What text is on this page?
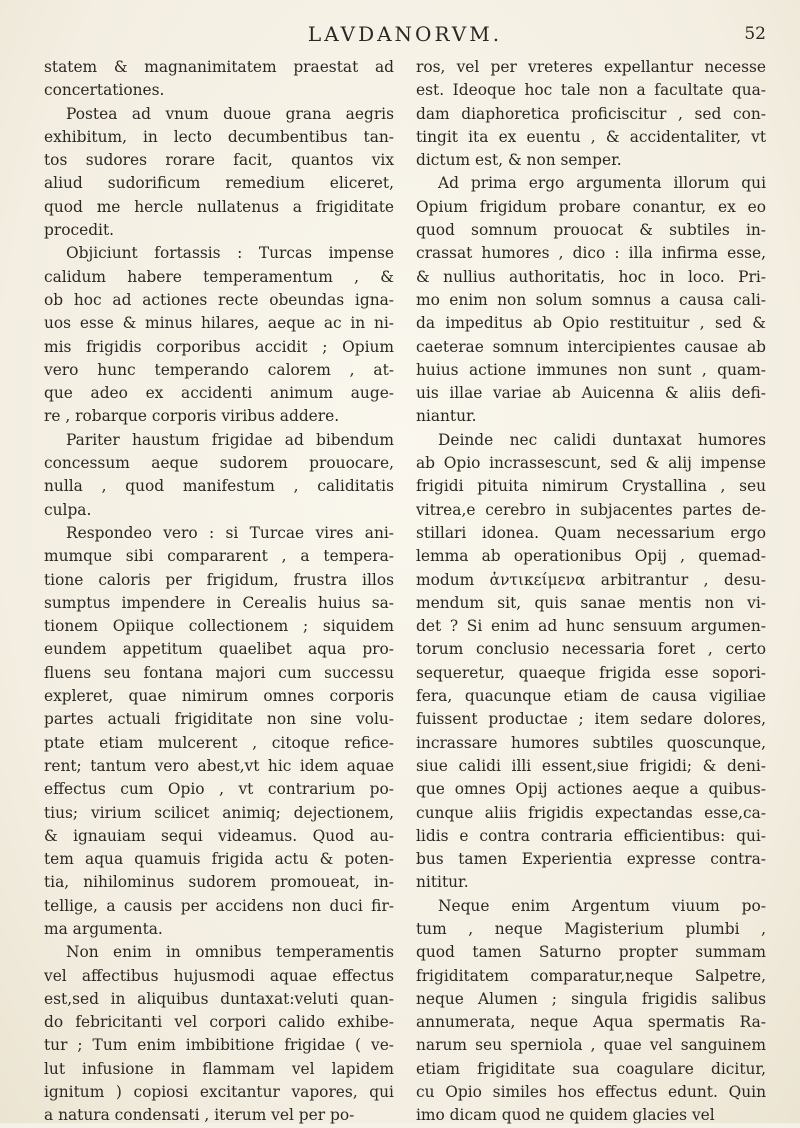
LAVDANORVM.	52
statem & magnanimitatem praestat ad
concertationes.
Postea ad vnum duoue grana aegris
exhibitum, in lecto decumbentibus tan-
tos sudores rorare facit, quantos vix
aliud sudorificum remedium eliceret,
quod me hercle nullatenus a frigiditate
procedit.
Objiciunt fortassis : Turcas impense
calidum habere temperamentum , &
ob hoc ad actiones recte obeundas igna-
uos esse & minus hilares, aeque ac in ni-
mis frigidis corporibus accidit ; Opium
vero hunc temperando calorem , at-
que adeo ex accidenti animum auge-
re , robarque corporis viribus addere.
Pariter haustum frigidae ad bibendum
concessum aeque sudorem prouocare,
nulla , quod manifestum , caliditatis
culpa.
Respondeo vero : si Turcae vires ani-
mumque sibi compararent , a tempera-
tione caloris per frigidum, frustra illos
sumptus impendere in Cerealis huius sa-
tionem Opiique collectionem ; siquidem
eundem appetitum quaelibet aqua pro-
fluens seu fontana majori cum successu
expleret, quae nimirum omnes corporis
partes actuali frigiditate non sine volu-
ptate etiam mulcerent , citoque refice-
rent; tantum vero abest,vt hic idem aquae
effectus cum Opio , vt contrarium po-
tius; virium scilicet animiq; dejectionem,
& ignauiam sequi videamus. Quod au-
tem aqua quamuis frigida actu & poten-
tia, nihilominus sudorem promoueat, in-
tellige, a causis per accidens non duci fir-
ma argumenta.
Non enim in omnibus temperamentis
vel affectibus hujusmodi aquae effectus
est,sed in aliquibus duntaxat:veluti quan-
do febricitanti vel corpori calido exhibe-
tur ; Tum enim imbibitione frigidae ( ve-
lut infusione in flammam vel lapidem
ignitum ) copiosi excitantur vapores, qui
a natura condensati , iterum vel per po-
ros, vel per vreteres expellantur necesse
est. Ideoque hoc tale non a facultate qua-
dam diaphoretica proficiscitur , sed con-
tingit ita ex euentu , & accidentaliter, vt
dictum est, & non semper.
Ad prima ergo argumenta illorum qui
Opium frigidum probare conantur, ex eo
quod somnum prouocat & subtiles in-
crassat humores , dico : illa infirma esse,
& nullius authoritatis, hoc in loco. Pri-
mo enim non solum somnus a causa cali-
da impeditus ab Opio restituitur , sed &
caeterae somnum intercipientes causae ab
huius actione immunes non sunt , quam-
uis illae variae ab Auicenna & aliis defi-
niantur.
Deinde nec calidi duntaxat humores
ab Opio incrassescunt, sed & alij impense
frigidi pituita nimirum Crystallina , seu
vitrea,e cerebro in subjacentes partes de-
stillari idonea. Quam necessarium ergo
lemma ab operationibus Opij , quemad-
modum ἀντικείμενα arbitrantur , desu-
mendum sit, quis sanae mentis non vi-
det ? Si enim ad hunc sensuum argumen-
torum conclusio necessaria foret , certo
sequeretur, quaeque frigida esse sopori-
fera, quacunque etiam de causa vigiliae
fuissent productae ; item sedare dolores,
incrassare humores subtiles quoscunque,
siue calidi illi essent,siue frigidi; & deni-
que omnes Opij actiones aeque a quibus-
cunque aliis frigidis expectandas esse,ca-
lidis e contra contraria efficientibus: qui-
bus tamen Experientia expresse contra-
nititur.
Neque enim Argentum viuum po-
tum , neque Magisterium plumbi ,
quod tamen Saturno propter summam
frigiditatem comparatur,neque Salpetre,
neque Alumen ; singula frigidis salibus
annumerata, neque Aqua spermatis Ra-
narum seu sperniola , quae vel sanguinem
etiam frigiditate sua coagulare dicitur,
cu Opio similes hos effectus edunt. Quin
imo dicam quod ne quidem glacies vel
